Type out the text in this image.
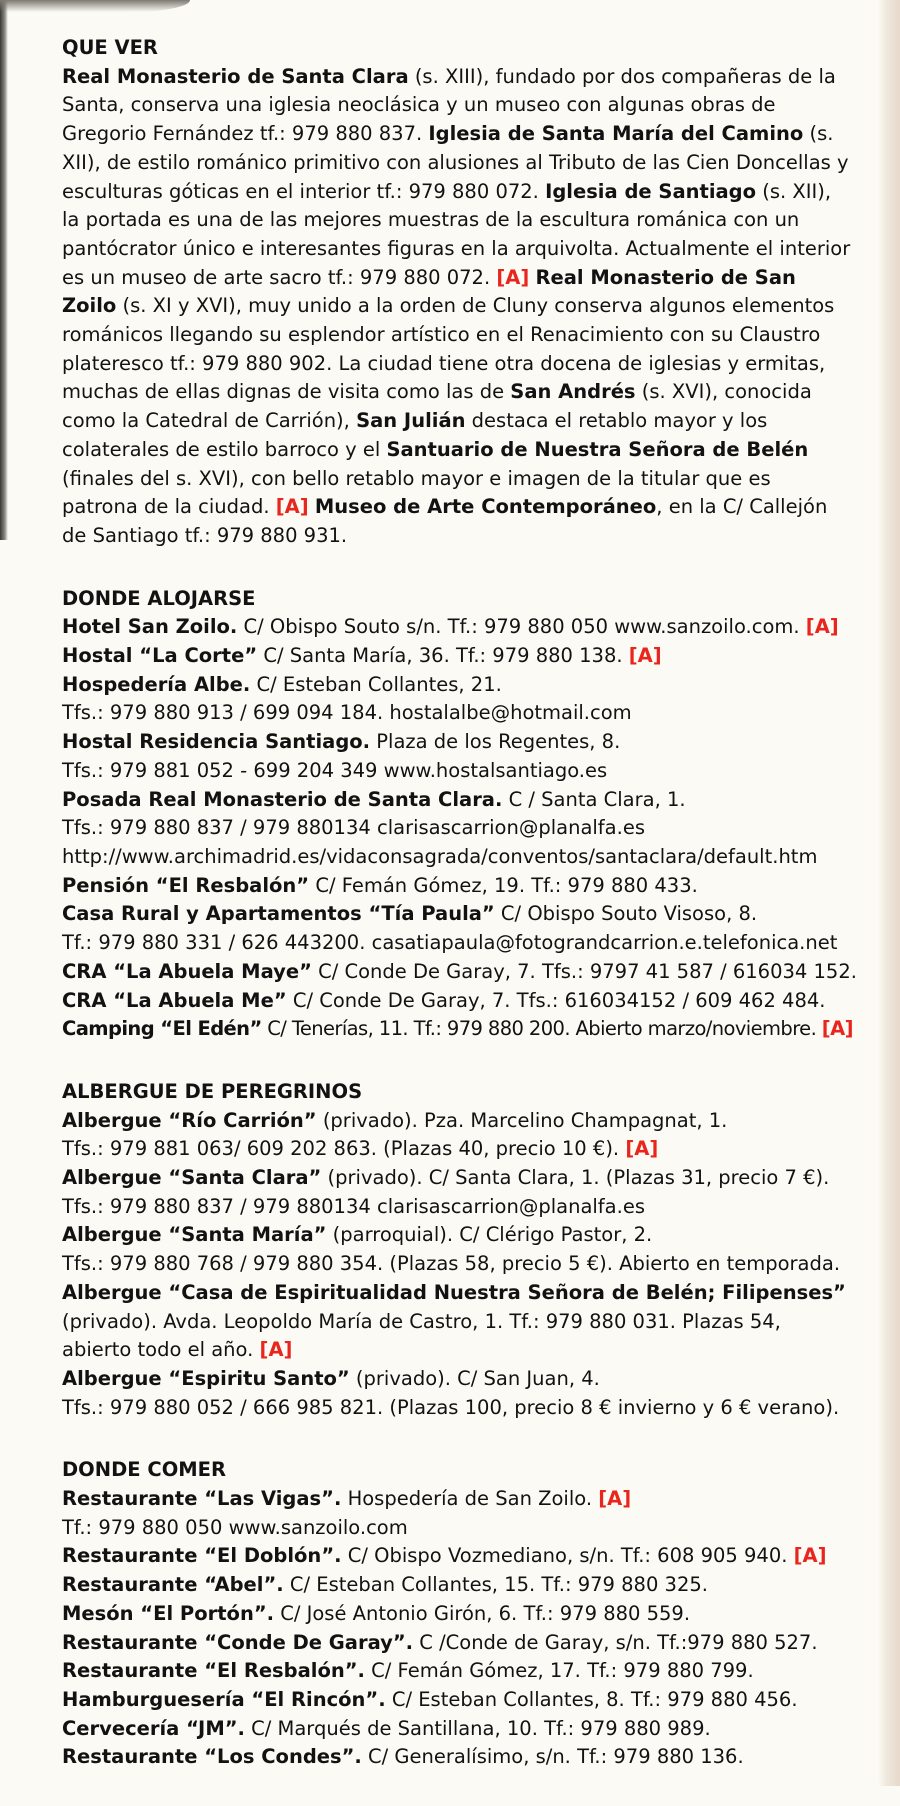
QUE VER

Real Monasterio de Santa Clara (s. XIII), fundado por dos compañeras de la Santa, conserva una iglesia neoclásica y un museo con algunas obras de Gregorio Fernández tf.: 979 880 837. Iglesia de Santa María del Camino (s. XII), de estilo románico primitivo con alusiones al Tributo de las Cien Doncellas y esculturas góticas en el interior tf.: 979 880 072. Iglesia de Santiago (s. XII), la portada es una de las mejores muestras de la escultura románica con un pantócrator único e interesantes figuras en la arquivolta. Actualmente el interior es un museo de arte sacro tf.: 979 880 072. [A] Real Monasterio de San Zoilo (s. XI y XVI), muy unido a la orden de Cluny conserva algunos elementos románicos llegando su esplendor artístico en el Renacimiento con su Claustro plateresco tf.: 979 880 902. La ciudad tiene otra docena de iglesias y ermitas, muchas de ellas dignas de visita como las de San Andrés (s. XVI), conocida como la Catedral de Carrión), San Julián destaca el retablo mayor y los colaterales de estilo barroco y el Santuario de Nuestra Señora de Belén (finales del s. XVI), con bello retablo mayor e imagen de la titular que es patrona de la ciudad. [A] Museo de Arte Contemporáneo, en la C/ Callejón de Santiago tf.: 979 880 931.

DONDE ALOJARSE
Hotel San Zoilo. C/ Obispo Souto s/n. Tf.: 979 880 050 www.sanzoilo.com. [A]
Hostal “La Corte” C/ Santa María, 36. Tf.: 979 880 138. [A]
Hospedería Albe. C/ Esteban Collantes, 21.
Tfs.: 979 880 913 / 699 094 184. hostalalbe@hotmail.com
Hostal Residencia Santiago. Plaza de los Regentes, 8.
Tfs.: 979 881 052 - 699 204 349 www.hostalsantiago.es
Posada Real Monasterio de Santa Clara. C / Santa Clara, 1.
Tfs.: 979 880 837 / 979 880134 clarisascarrion@planalfa.es
http://www.archimadrid.es/vidaconsagrada/conventos/santaclara/default.htm
Pensión “El Resbalón” C/ Femán Gómez, 19. Tf.: 979 880 433.
Casa Rural y Apartamentos “Tía Paula” C/ Obispo Souto Visoso, 8.
Tf.: 979 880 331 / 626 443200. casatiapaula@fotograndcarrion.e.telefonica.net
CRA “La Abuela Maye” C/ Conde De Garay, 7. Tfs.: 9797 41 587 / 616034 152.
CRA “La Abuela Me” C/ Conde De Garay, 7. Tfs.: 616034152 / 609 462 484.
Camping “El Edén” C/ Tenerías, 11. Tf.: 979 880 200. Abierto marzo/noviembre. [A]
ALBERGUE DE PEREGRINOS
Albergue “Río Carrión” (privado). Pza. Marcelino Champagnat, 1.
Tfs.: 979 881 063/ 609 202 863. (Plazas 40, precio 10 €). [A]
Albergue “Santa Clara” (privado). C/ Santa Clara, 1. (Plazas 31, precio 7 €).
Tfs.: 979 880 837 / 979 880134 clarisascarrion@planalfa.es
Albergue “Santa María” (parroquial). C/ Clérigo Pastor, 2.
Tfs.: 979 880 768 / 979 880 354. (Plazas 58, precio 5 €). Abierto en temporada.
Albergue “Casa de Espiritualidad Nuestra Señora de Belén; Filipenses”
(privado). Avda. Leopoldo María de Castro, 1. Tf.: 979 880 031. Plazas 54,
abierto todo el año. [A]
Albergue “Espiritu Santo” (privado). C/ San Juan, 4.
Tfs.: 979 880 052 / 666 985 821. (Plazas 100, precio 8 € invierno y 6 € verano).
DONDE COMER
Restaurante “Las Vigas”. Hospedería de San Zoilo. [A]
Tf.: 979 880 050 www.sanzoilo.com
Restaurante “El Doblón”. C/ Obispo Vozmediano, s/n. Tf.: 608 905 940. [A]
Restaurante “Abel”. C/ Esteban Collantes, 15. Tf.: 979 880 325.
Mesón “El Portón”. C/ José Antonio Girón, 6. Tf.: 979 880 559.
Restaurante “Conde De Garay”. C /Conde de Garay, s/n. Tf.:979 880 527.
Restaurante “El Resbalón”. C/ Femán Gómez, 17. Tf.: 979 880 799.
Hamburguesería “El Rincón”. C/ Esteban Collantes, 8. Tf.: 979 880 456.
Cervecería “JM”. C/ Marqués de Santillana, 10. Tf.: 979 880 989.
Restaurante “Los Condes”. C/ Generalísimo, s/n. Tf.: 979 880 136.
